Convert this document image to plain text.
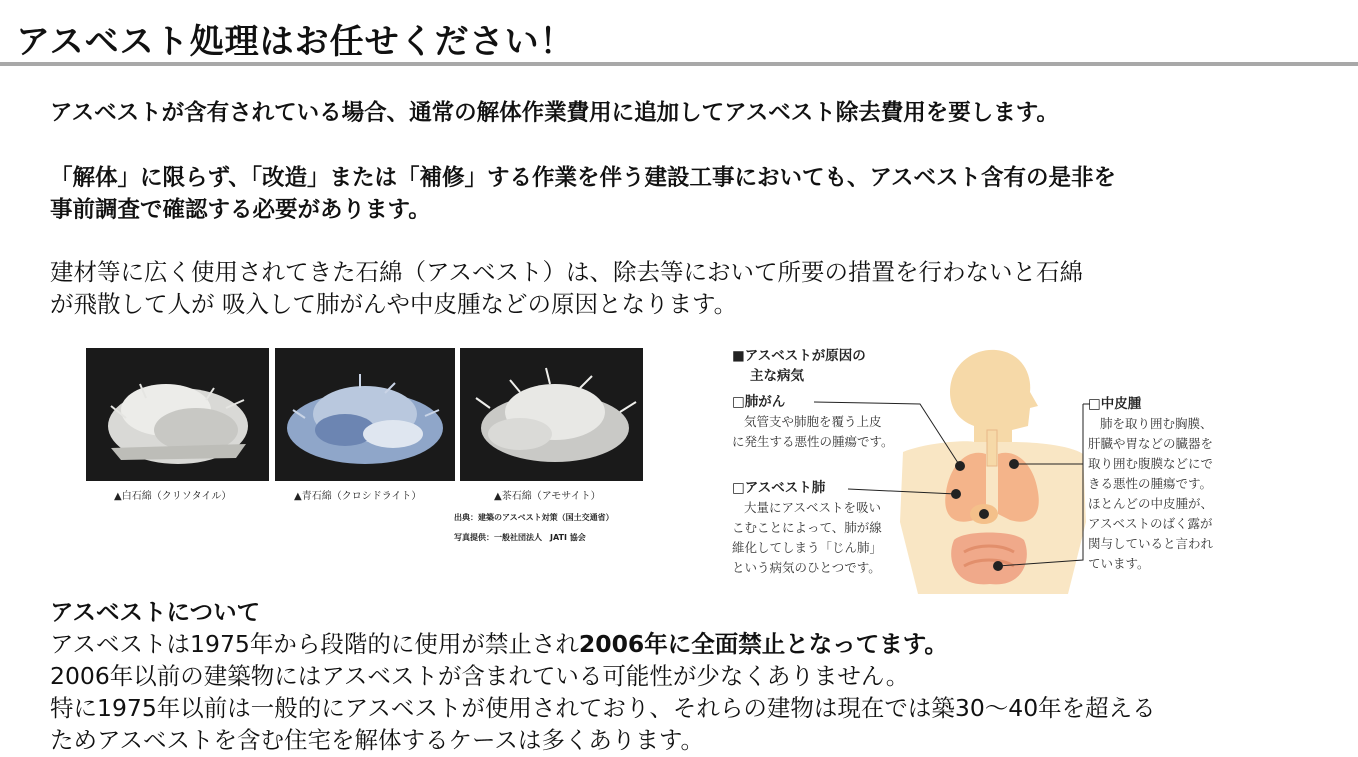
アスベスト処理はお任せください！
アスベストが含有されている場合、通常の解体作業費用に追加してアスベスト除去費用を要します。
「解体」に限らず、「改造」または「補修」する作業を伴う建設工事においても、アスベスト含有の是非を
事前調査で確認する必要があります。
建材等に広く使用されてきた石綿（アスベスト）は、除去等において所要の措置を行わないと石綿
が飛散して人が 吸入して肺がんや中皮腫などの原因となります。
▲白石綿（クリソタイル）	▲青石綿（クロシドライト）	▲茶石綿（アモサイト）
出典：建築のアスベスト対策（国土交通省）
写真提供：一般社団法人　JATI 協会
■アスベストが原因の
主な病気
□肺がん
気管支や肺胞を覆う上皮
に発生する悪性の腫瘍です。
□アスベスト肺
大量にアスベストを吸い
こむことによって、肺が線
維化してしまう「じん肺」
という病気のひとつです。
□中皮腫
肺を取り囲む胸膜、
肝臓や胃などの臓器を
取り囲む腹膜などにで
きる悪性の腫瘍です。
ほとんどの中皮腫が、
アスベストのばく露が
関与していると言われ
ています。
アスベストについて
アスベストは1975年から段階的に使用が禁止され2006年に全面禁止となってます。
2006年以前の建築物にはアスベストが含まれている可能性が少なくありません。
特に1975年以前は一般的にアスベストが使用されており、それらの建物は現在では築30〜40年を超える
ためアスベストを含む住宅を解体するケースは多くあります。
